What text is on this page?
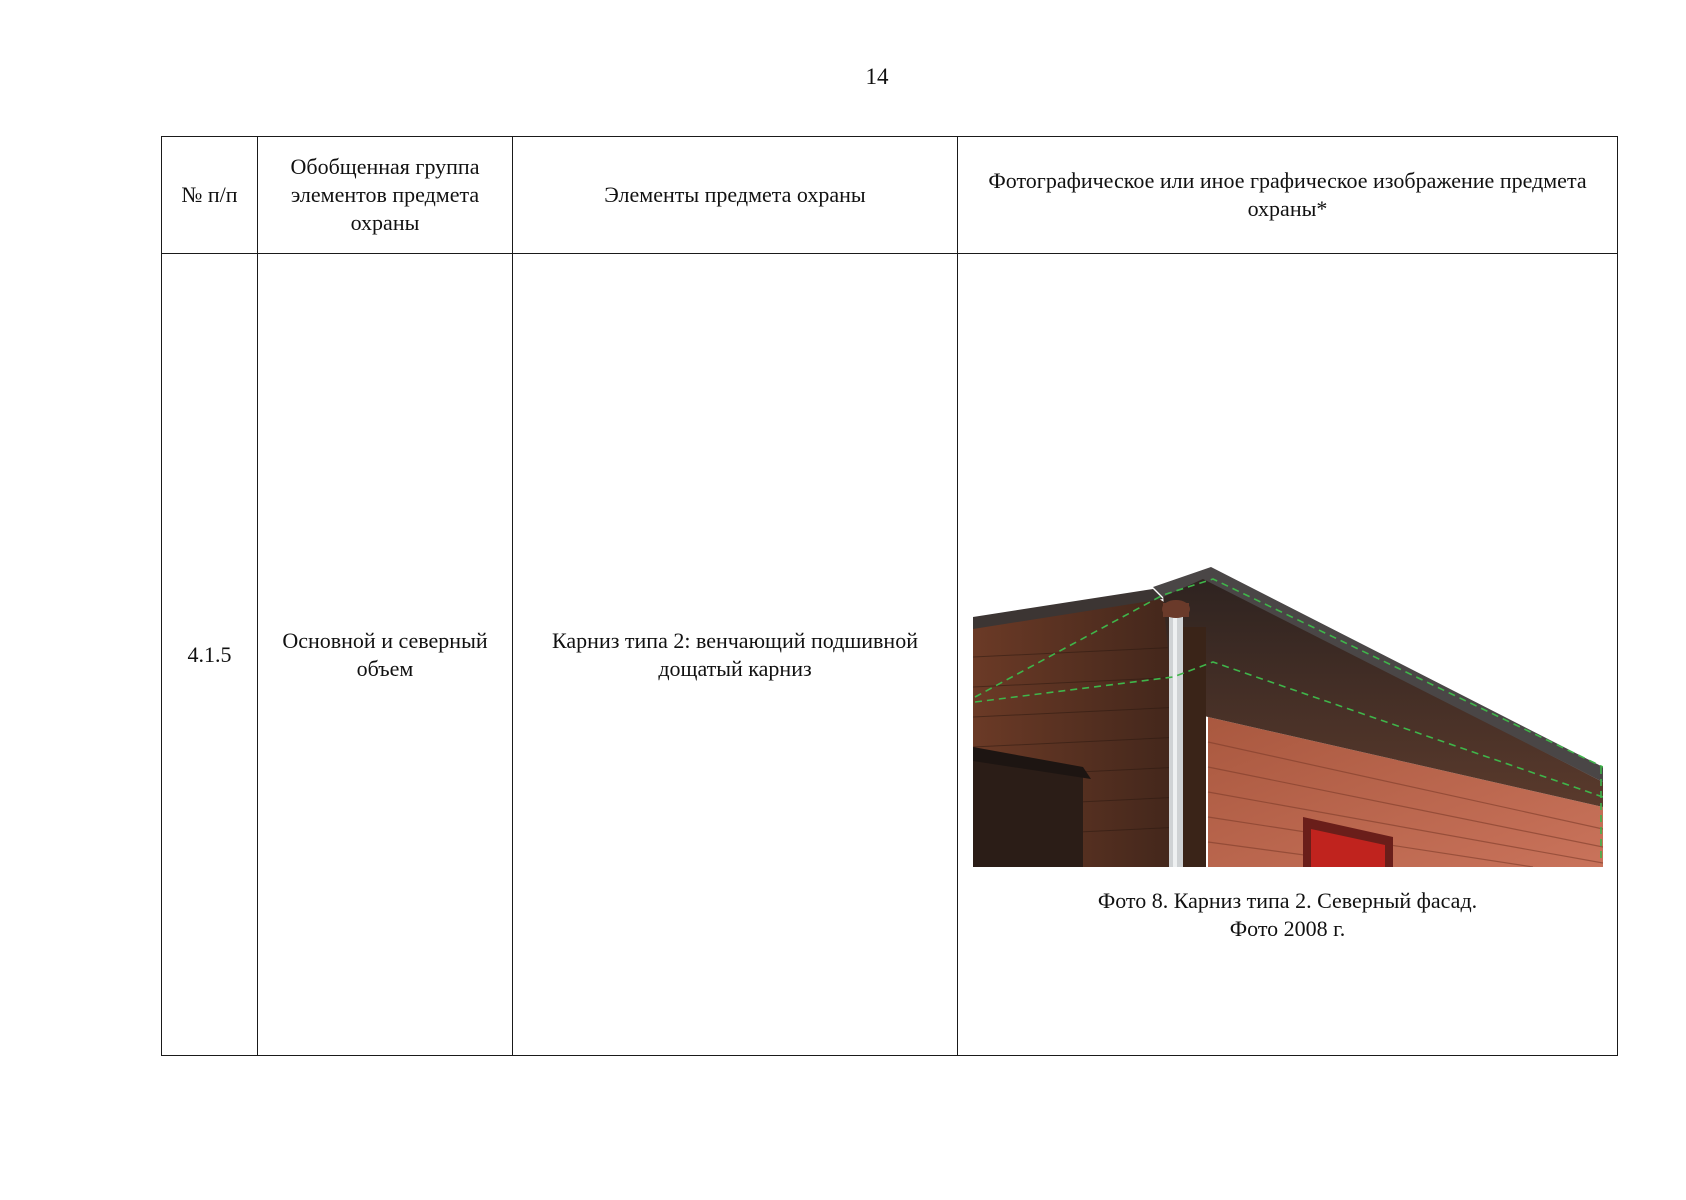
14
№ п/п	Обобщенная группа элементов предмета охраны	Элементы предмета охраны	Фотографическое или иное графическое изображение предмета охраны*
4.1.5	Основной и северный объем	Карниз типа 2: венчающий подшивной дощатый карниз	Фото 8. Карниз типа 2. Северный фасад.
Фото 2008 г.
